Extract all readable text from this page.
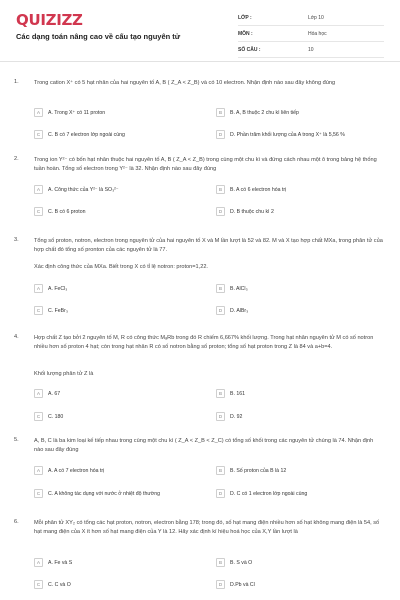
QUIZIZZ
Các dạng toán nâng cao về cấu tạo nguyên tử
LỚP :	Lớp 10
MÔN :	Hóa học
SỐ CÂU :	10
1.	Trong cation X⁺ có 5 hạt nhân của hai nguyên tố A, B ( Z_A < Z_B) và có 10 electron. Nhận định nào sau đây không đúng
A	A. Trong X⁺ có 11 proton	B	B. A, B thuộc 2 chu kì liên tiếp
C	C. B có 7 electron lớp ngoài cùng	D	D. Phần trăm khối lượng của A trong X⁺ là 5,56 %
2.	Trong ion Y²⁻ có bốn hạt nhân thuộc hai nguyên tố A, B ( Z_A < Z_B) trong cùng một chu kì và đứng cách nhau một ô trong bảng hệ thống tuần hoàn. Tổng số electron trong Y²⁻ là 32. Nhận định nào sau đây đúng
A	A. Công thức của Y²⁻ là SO₃²⁻	B	B. A có 6 electron hóa trị
C	C. B có 6 proton	D	D. B thuộc chu kì 2
3.	Tổng số proton, notron, electron trong nguyên tử của hai nguyên tố X và M lần lượt là 52 và 82. M và X tạo hợp chất MXa, trong phân tử của hợp chất đó tổng số pronton của các nguyên tử là 77.
Xác định công thức của MXa. Biết trong X có tỉ lệ notron: proton=1,22.
A	A. FeCl₃	B	B. AlCl₃
C	C. FeBr₃	D	D. AlBr₃
4.	Hợp chất Z tạo bởi 2 nguyên tố M, R có công thức MₐRb trong đó R chiếm 6,667% khối lượng. Trong hạt nhân nguyên tử M có số notron nhiều hơn số proton 4 hạt; còn trong hạt nhân R có số notron bằng số proton; tổng số hạt proton trong Z là 84 và a+b=4.
Khối lượng phân tử Z là
A	A. 67	B	B. 161
C	C. 180	D	D. 92
5.	A, B, C là ba kim loại kế tiếp nhau trong cùng một chu kì ( Z_A < Z_B < Z_C) có tổng số khối trong các nguyên tử chúng là 74. Nhận định nào sau đây đúng
A	A. A có 7 electron hóa trị	B	B. Số proton của B là 12
C	C. A không tác dụng với nước ở nhiệt độ thường	D	D. C có 1 electron lớp ngoài cùng
6.	Mỗi phân tử XY₂ có tổng các hạt proton, notron, electron bằng 178; trong đó, số hạt mang điện nhiều hơn số hạt không mang điện là 54, số hạt mang điện của X ít hơn số hạt mang điện của Y là 12. Hãy xác định kí hiệu hoá học của X,Y lần lượt là
A	A. Fe và S	B	B. S và O
C	C. C và O	D	D.Pb và Cl
